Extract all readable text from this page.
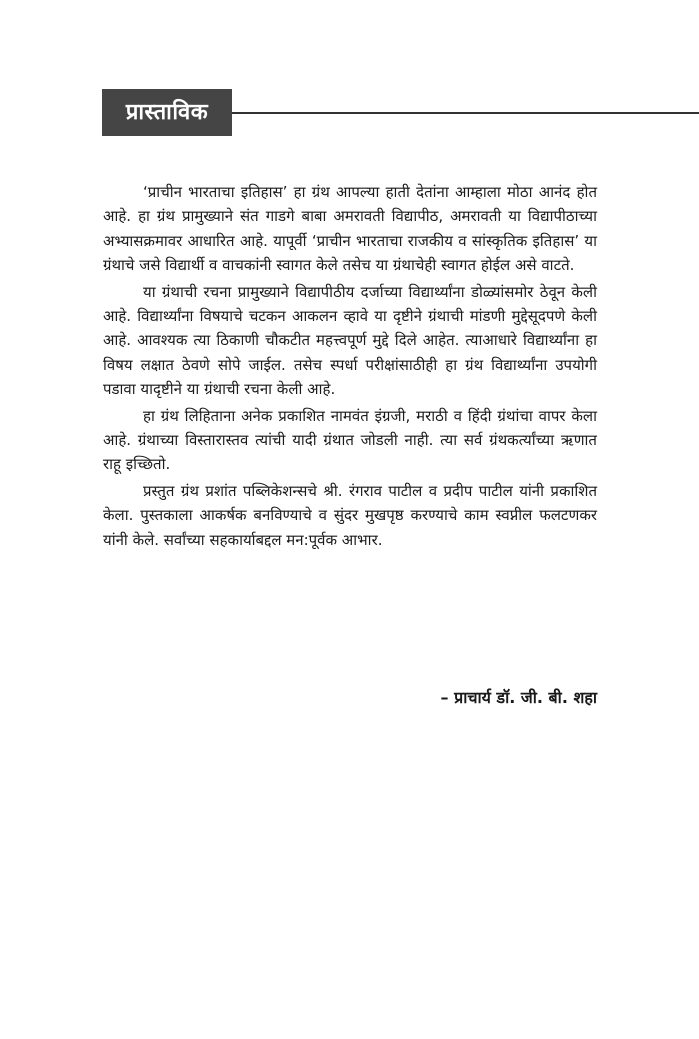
प्रास्ताविक

‘प्राचीन भारताचा इतिहास’ हा ग्रंथ आपल्या हाती देतांना आम्हाला मोठा आनंद होत आहे. हा ग्रंथ प्रामुख्याने संत गाडगे बाबा अमरावती विद्यापीठ, अमरावती या विद्यापीठाच्या अभ्यासक्रमावर आधारित आहे. यापूर्वी ‘प्राचीन भारताचा राजकीय व सांस्कृतिक इतिहास’ या ग्रंथाचे जसे विद्यार्थी व वाचकांनी स्वागत केले तसेच या ग्रंथाचेही स्वागत होईल असे वाटते.

या ग्रंथाची रचना प्रामुख्याने विद्यापीठीय दर्जाच्या विद्यार्थ्यांना डोळ्यांसमोर ठेवून केली आहे. विद्यार्थ्यांना विषयाचे चटकन आकलन व्हावे या दृष्टीने ग्रंथाची मांडणी मुद्देसूदपणे केली आहे. आवश्यक त्या ठिकाणी चौकटीत महत्त्वपूर्ण मुद्दे दिले आहेत. त्याआधारे विद्यार्थ्यांना हा विषय लक्षात ठेवणे सोपे जाईल. तसेच स्पर्धा परीक्षांसाठीही हा ग्रंथ विद्यार्थ्यांना उपयोगी पडावा यादृष्टीने या ग्रंथाची रचना केली आहे.

हा ग्रंथ लिहिताना अनेक प्रकाशित नामवंत इंग्रजी, मराठी व हिंदी ग्रंथांचा वापर केला आहे. ग्रंथाच्या विस्तारास्तव त्यांची यादी ग्रंथात जोडली नाही. त्या सर्व ग्रंथकर्त्यांच्या ऋणात राहू इच्छितो.

प्रस्तुत ग्रंथ प्रशांत पब्लिकेशन्सचे श्री. रंगराव पाटील व प्रदीप पाटील यांनी प्रकाशित केला. पुस्तकाला आकर्षक बनविण्याचे व सुंदर मुखपृष्ठ करण्याचे काम स्वप्नील फलटणकर यांनी केले. सर्वांच्या सहकार्याबद्दल मन:पूर्वक आभार.

– प्राचार्य डॉ. जी. बी. शहा
